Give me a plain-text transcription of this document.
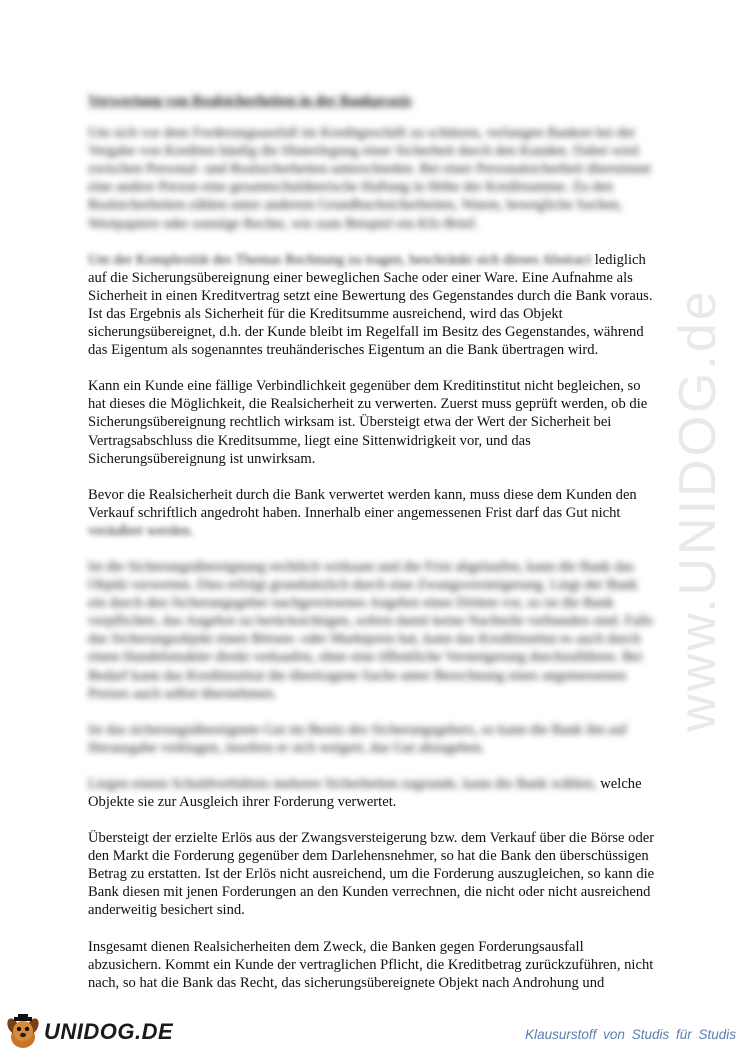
Verwertung von Realsicherheiten in der Bankpraxis

Um sich vor dem Forderungsausfall im Kreditgeschäft zu schützen, verlangen Banken bei der Vergabe von Krediten häufig die Hinterlegung einer Sicherheit durch den Kunden. Dabei wird zwischen Personal- und Realsicherheiten unterschieden. Bei einer Personalsicherheit übernimmt eine andere Person eine gesamtschuldnerische Haftung in Höhe der Kreditsumme. Zu den Realsicherheiten zählen unter anderem Grundbuchsicherheiten, Waren, bewegliche Sachen, Wertpapiere oder sonstige Rechte, wie zum Beispiel ein Kfz-Brief.

Um der Komplexität des Themas Rechnung zu tragen, beschränkt sich dieses Abstract lediglich auf die Sicherungsübereignung einer beweglichen Sache oder einer Ware. Eine Aufnahme als Sicherheit in einen Kreditvertrag setzt eine Bewertung des Gegenstandes durch die Bank voraus. Ist das Ergebnis als Sicherheit für die Kreditsumme ausreichend, wird das Objekt sicherungsübereignet, d.h. der Kunde bleibt im Regelfall im Besitz des Gegenstandes, während das Eigentum als sogenanntes treuhänderisches Eigentum an die Bank übertragen wird.

Kann ein Kunde eine fällige Verbindlichkeit gegenüber dem Kreditinstitut nicht begleichen, so hat dieses die Möglichkeit, die Realsicherheit zu verwerten. Zuerst muss geprüft werden, ob die Sicherungsübereignung rechtlich wirksam ist. Übersteigt etwa der Wert der Sicherheit bei Vertragsabschluss die Kreditsumme, liegt eine Sittenwidrigkeit vor, und das Sicherungsübereignung ist unwirksam.

Bevor die Realsicherheit durch die Bank verwertet werden kann, muss diese dem Kunden den Verkauf schriftlich angedroht haben. Innerhalb einer angemessenen Frist darf das Gut nicht veräußert werden.

Ist die Sicherungsübereignung rechtlich wirksam und die Frist abgelaufen, kann die Bank das Objekt verwerten. Dies erfolgt grundsätzlich durch eine Zwangsversteigerung. Liegt der Bank ein durch den Sicherungsgeber nachgewiesenes Angebot eines Dritten vor, so ist die Bank verpflichtet, das Angebot zu berücksichtigen, sofern damit keine Nachteile verbunden sind. Falls das Sicherungsobjekt einen Börsen- oder Marktpreis hat, kann das Kreditinstitut es auch durch einen Handelsmakler direkt verkaufen, ohne eine öffentliche Versteigerung durchzuführen. Bei Bedarf kann das Kreditinstitut die übertragene Sache unter Berechnung eines angemessenen Preises auch selbst übernehmen.

Ist das sicherungsübereignete Gut im Besitz des Sicherungsgebers, so kann die Bank ihn auf Herausgabe verklagen, insofern er sich weigert, das Gut abzugeben.

Liegen einem Schuldverhältnis mehrere Sicherheiten zugrunde, kann die Bank wählen, welche Objekte sie zur Ausgleich ihrer Forderung verwertet.

Übersteigt der erzielte Erlös aus der Zwangsversteigerung bzw. dem Verkauf über die Börse oder den Markt die Forderung gegenüber dem Darlehensnehmer, so hat die Bank den überschüssigen Betrag zu erstatten. Ist der Erlös nicht ausreichend, um die Forderung auszugleichen, so kann die Bank diesen mit jenen Forderungen an den Kunden verrechnen, die nicht oder nicht ausreichend anderweitig besichert sind.

Insgesamt dienen Realsicherheiten dem Zweck, die Banken gegen Forderungsausfall abzusichern. Kommt ein Kunde der vertraglichen Pflicht, die Kreditbetrag zurückzuführen, nicht nach, so hat die Bank das Recht, das sicherungsübereignete Objekt nach Androhung und

www.UNIDOG.de
UNIDOG.DE	Klausurstoff von Studis für Studis
